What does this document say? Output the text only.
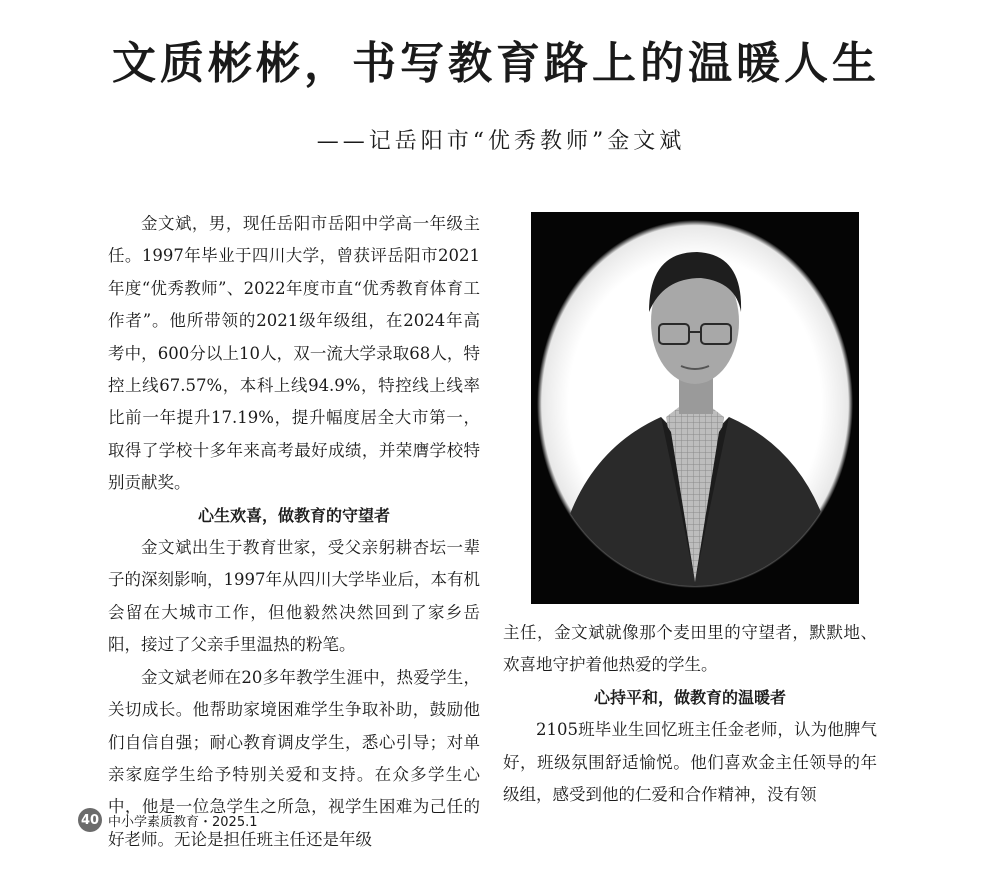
文质彬彬，书写教育路上的温暖人生
——记岳阳市“优秀教师”金文斌

金文斌，男，现任岳阳市岳阳中学高一年级主任。1997年毕业于四川大学，曾获评岳阳市2021年度“优秀教师”、2022年度市直“优秀教育体育工作者”。他所带领的2021级年级组，在2024年高考中，600分以上10人，双一流大学录取68人，特控上线67.57%，本科上线94.9%，特控线上线率比前一年提升17.19%，提升幅度居全大市第一，取得了学校十多年来高考最好成绩，并荣膺学校特别贡献奖。

心生欢喜，做教育的守望者

金文斌出生于教育世家，受父亲躬耕杏坛一辈子的深刻影响，1997年从四川大学毕业后，本有机会留在大城市工作，但他毅然决然回到了家乡岳阳，接过了父亲手里温热的粉笔。

金文斌老师在20多年教学生涯中，热爱学生，关切成长。他帮助家境困难学生争取补助，鼓励他们自信自强；耐心教育调皮学生，悉心引导；对单亲家庭学生给予特别关爱和支持。在众多学生心中，他是一位急学生之所急，视学生困难为己任的好老师。无论是担任班主任还是年级

主任，金文斌就像那个麦田里的守望者，默默地、欢喜地守护着他热爱的学生。

心持平和，做教育的温暖者

2105班毕业生回忆班主任金老师，认为他脾气好，班级氛围舒适愉悦。他们喜欢金主任领导的年级组，感受到他的仁爱和合作精神，没有领

40 中小学素质教育・2025.1
